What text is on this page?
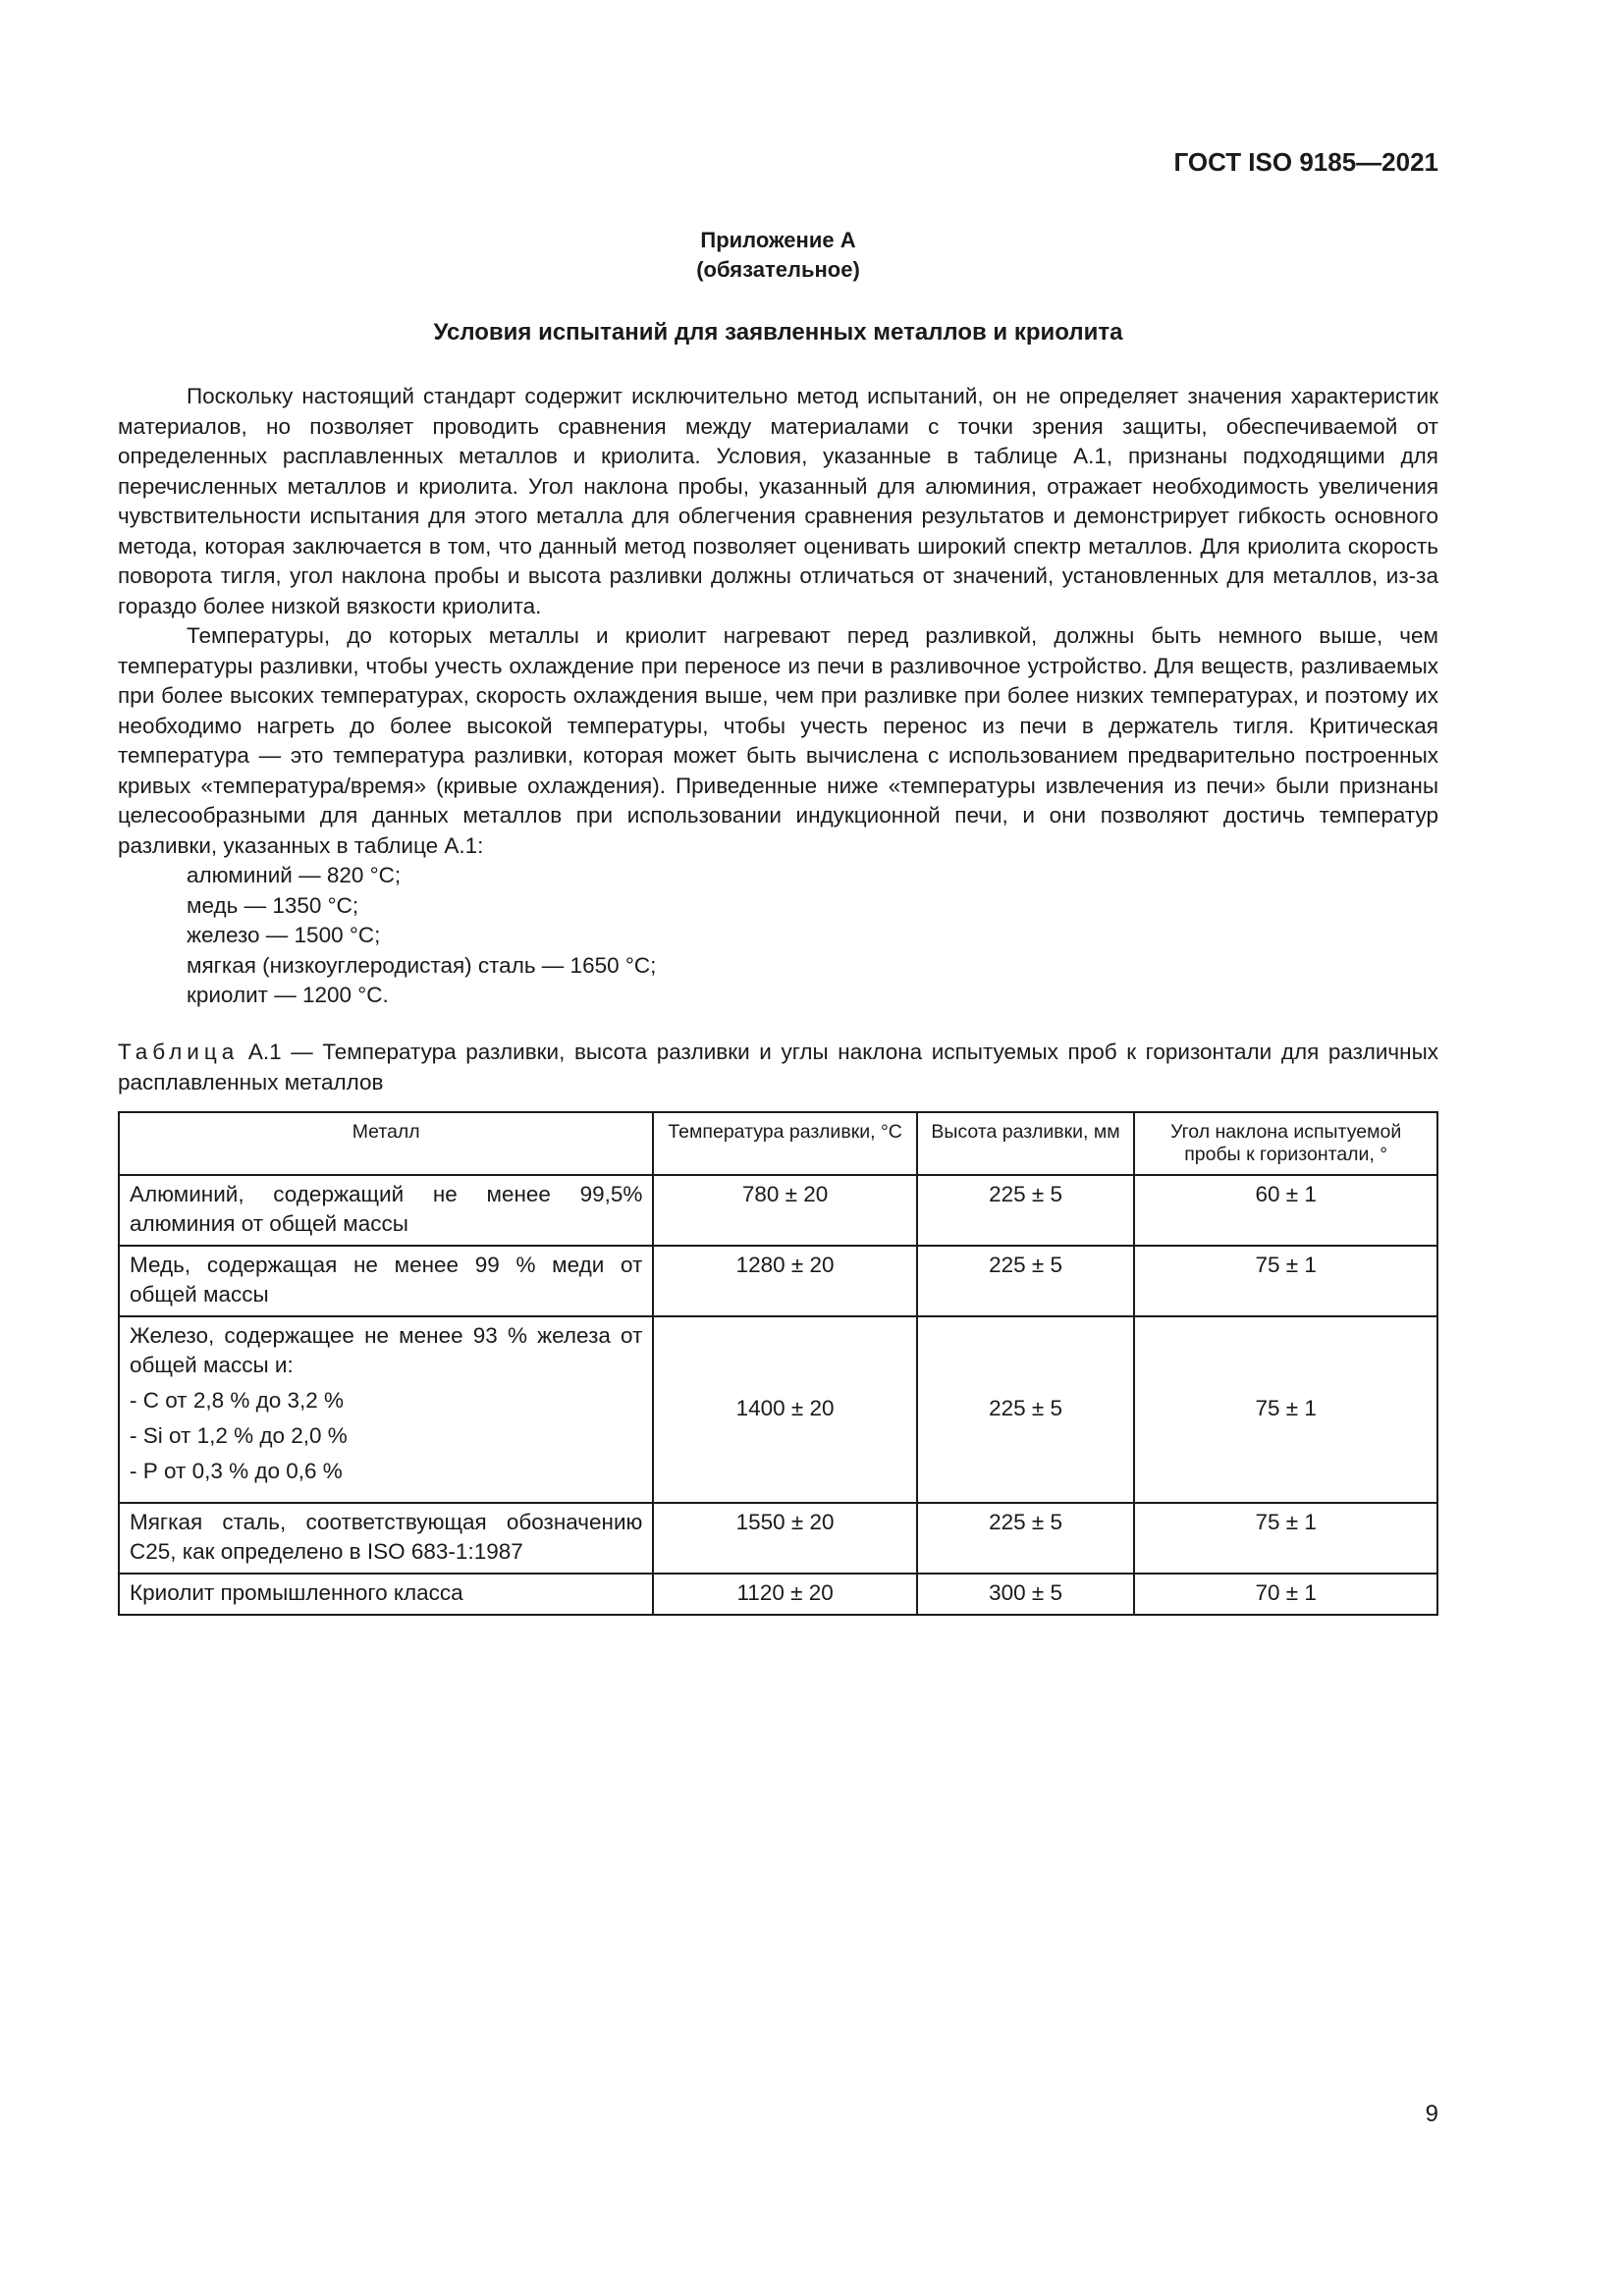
ГОСТ ISO 9185—2021
Приложение А
(обязательное)
Условия испытаний для заявленных металлов и криолита

Поскольку настоящий стандарт содержит исключительно метод испытаний, он не определяет значения характеристик материалов, но позволяет проводить сравнения между материалами с точки зрения защиты, обеспечиваемой от определенных расплавленных металлов и криолита. Условия, указанные в таблице А.1, признаны подходящими для перечисленных металлов и криолита. Угол наклона пробы, указанный для алюминия, отражает необходимость увеличения чувствительности испытания для этого металла для облегчения сравнения результатов и демонстрирует гибкость основного метода, которая заключается в том, что данный метод позволяет оценивать широкий спектр металлов. Для криолита скорость поворота тигля, угол наклона пробы и высота разливки должны отличаться от значений, установленных для металлов, из-за гораздо более низкой вязкости криолита.

Температуры, до которых металлы и криолит нагревают перед разливкой, должны быть немного выше, чем температуры разливки, чтобы учесть охлаждение при переносе из печи в разливочное устройство. Для веществ, разливаемых при более высоких температурах, скорость охлаждения выше, чем при разливке при более низких температурах, и поэтому их необходимо нагреть до более высокой температуры, чтобы учесть перенос из печи в держатель тигля. Критическая температура — это температура разливки, которая может быть вычислена с использованием предварительно построенных кривых «температура/время» (кривые охлаждения). Приведенные ниже «температуры извлечения из печи» были признаны целесообразными для данных металлов при использовании индукционной печи, и они позволяют достичь температур разливки, указанных в таблице А.1:

алюминий — 820 °С;
медь — 1350 °С;
железо — 1500 °С;
мягкая (низкоуглеродистая) сталь — 1650 °С;
криолит — 1200 °С.
Таблица А.1 — Температура разливки, высота разливки и углы наклона испытуемых проб к горизонтали для различных расплавленных металлов
Металл	Температура разливки, °С	Высота разливки, мм	Угол наклона испытуемой пробы к горизонтали, °
Алюминий, содержащий не менее 99,5% алюминия от общей массы	780 ± 20	225 ± 5	60 ± 1
Медь, содержащая не менее 99 % меди от общей массы	1280 ± 20	225 ± 5	75 ± 1
Железо, содержащее не менее 93 % железа от общей массы и:
- С от 2,8 % до 3,2 %
- Si от 1,2 % до 2,0 %
- Р от 0,3 % до 0,6 %	1400 ± 20	225 ± 5	75 ± 1
Мягкая сталь, соответствующая обозначению С25, как определено в ISO 683-1:1987	1550 ± 20	225 ± 5	75 ± 1
Криолит промышленного класса	1120 ± 20	300 ± 5	70 ± 1
9
